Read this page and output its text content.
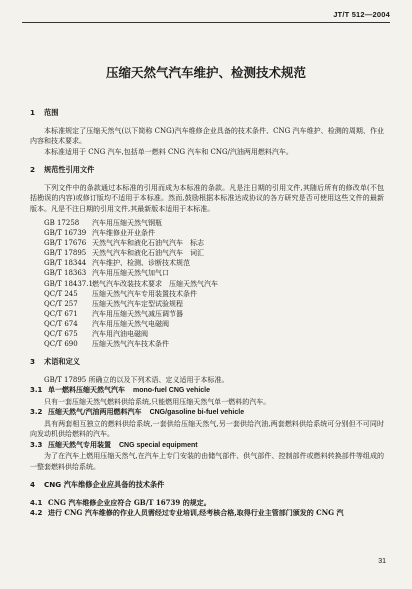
JT/T 512—2004
压缩天然气汽车维护、检测技术规范
1 范围

本标准规定了压缩天然气(以下简称 CNG)汽车维修企业具备的技术条件、CNG 汽车维护、检测的周期、作业内容和技术要求。

本标准适用于 CNG 汽车,包括单一燃料 CNG 汽车和 CNG/汽油两用燃料汽车。

2 规范性引用文件

下列文件中的条款通过本标准的引用而成为本标准的条款。凡是注日期的引用文件,其随后所有的修改单(不包括勘误的内容)或修订版均不适用于本标准。然而,鼓励根据本标准达成协议的各方研究是否可使用这些文件的最新版本。凡是不注日期的引用文件,其最新版本适用于本标准。

GB 17258	汽车用压缩天然气钢瓶
GB/T 16739 汽车维修业开业条件
GB/T 17676 天然气汽车和液化石油气汽车　标志
GB/T 17895 天然气汽车和液化石油气汽车　词汇
GB/T 18344 汽车维护、检测、诊断技术规范
GB/T 18363 汽车用压缩天然气加气口
GB/T 18437.1 燃气汽车改装技术要求　压缩天然气汽车
QC/T 245	压缩天然气汽车专用装置技术条件
QC/T 257	压缩天然气汽车定型试验规程
QC/T 671	汽车用压缩天然气减压调节器
QC/T 674	汽车用压缩天然气电磁阀
QC/T 675	汽车用汽油电磁阀
QC/T 690	压缩天然气汽车技术条件
3 术语和定义

GB/T 17895 所确立的以及下列术语、定义适用于本标准。

3.1 单一燃料压缩天然气汽车 mono-fuel CNG vehicle

只有一套压缩天然气燃料供给系统,只能燃用压缩天然气单一燃料的汽车。

3.2 压缩天然气/汽油两用燃料汽车 CNG/gasoline bi-fuel vehicle

具有两套相互独立的燃料供给系统,一套供给压缩天然气,另一套供给汽油,两套燃料供给系统可分别但不可同时向发动机供给燃料的汽车。

3.3 压缩天然气专用装置 CNG special equipment

为了在汽车上燃用压缩天然气,在汽车上专门安装的由储气部件、供气部件、控制部件或燃料转换部件等组成的一整套燃料供给系统。

4 CNG 汽车维修企业应具备的技术条件

4.1 CNG 汽车维修企业应符合 GB/T 16739 的规定。

4.2 进行 CNG 汽车维修的作业人员需经过专业培训,经考核合格,取得行业主管部门颁发的 CNG 汽

31
